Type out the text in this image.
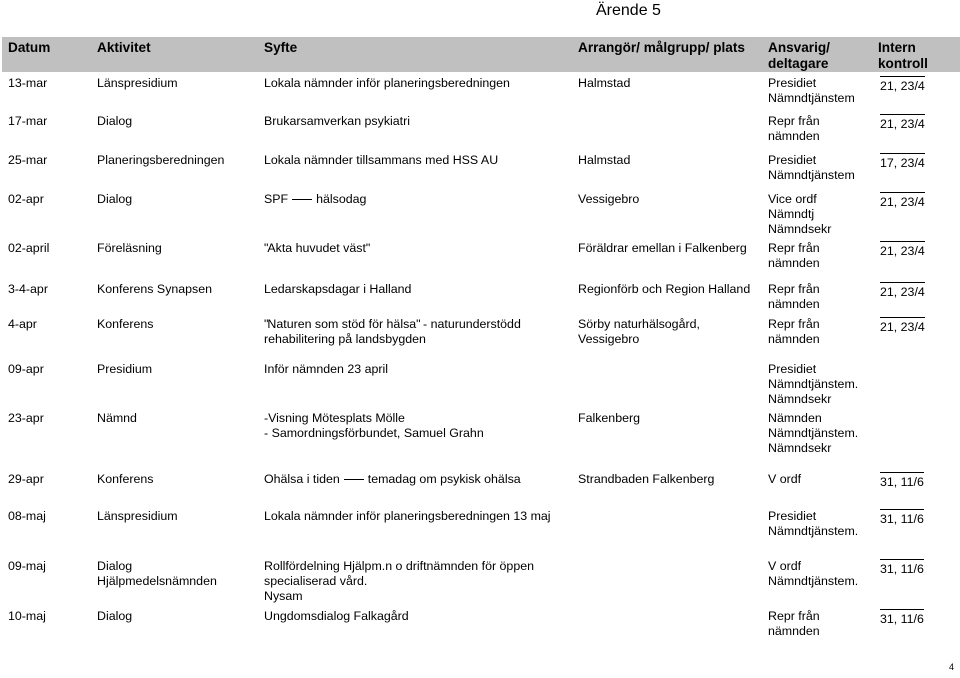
Ärende 5
Datum	Aktivitet	Syfte	Arrangör/ målgrupp/ plats	Ansvarig/
deltagare	Intern
kontroll
13-mar	Länspresidium	Lokala nämnder inför planeringsberedningen	Halmstad	Presidiet
Nämndtjänstem	21, 23/4
17-mar	Dialog	Brukarsamverkan psykiatri		Repr från
nämnden	21, 23/4
25-mar	Planeringsberedningen	Lokala nämnder tillsammans med HSS AU	Halmstad	Presidiet
Nämndtjänstem	17, 23/4
02-apr	Dialog	SPF hälsodag	Vessigebro	Vice ordf
Nämndtj
Nämndsekr	21, 23/4
02-april	Föreläsning	"Akta huvudet väst"	Föräldrar emellan i Falkenberg	Repr från
nämnden	21, 23/4
3-4-apr	Konferens Synapsen	Ledarskapsdagar i Halland	Regionförb och Region Halland	Repr från
nämnden	21, 23/4
4-apr	Konferens	"Naturen som stöd för hälsa" - naturunderstödd
rehabilitering på landsbygden	Sörby naturhälsogård,
Vessigebro	Repr från
nämnden	21, 23/4
09-apr	Presidium	Inför nämnden 23 april		Presidiet
Nämndtjänstem.
Nämndsekr	
23-apr	Nämnd	-Visning Mötesplats Mölle
- Samordningsförbundet, Samuel Grahn	Falkenberg	Nämnden
Nämndtjänstem.
Nämndsekr	
29-apr	Konferens	Ohälsa i tiden temadag om psykisk ohälsa	Strandbaden Falkenberg	V ordf	31, 11/6
08-maj	Länspresidium	Lokala nämnder inför planeringsberedningen 13 maj		Presidiet
Nämndtjänstem.	31, 11/6
09-maj	Dialog
Hjälpmedelsnämnden	Rollfördelning Hjälpm.n o driftnämnden för öppen
specialiserad vård.
Nysam		V ordf
Nämndtjänstem.	31, 11/6
10-maj	Dialog	Ungdomsdialog Falkagård		Repr från
nämnden	31, 11/6
4
